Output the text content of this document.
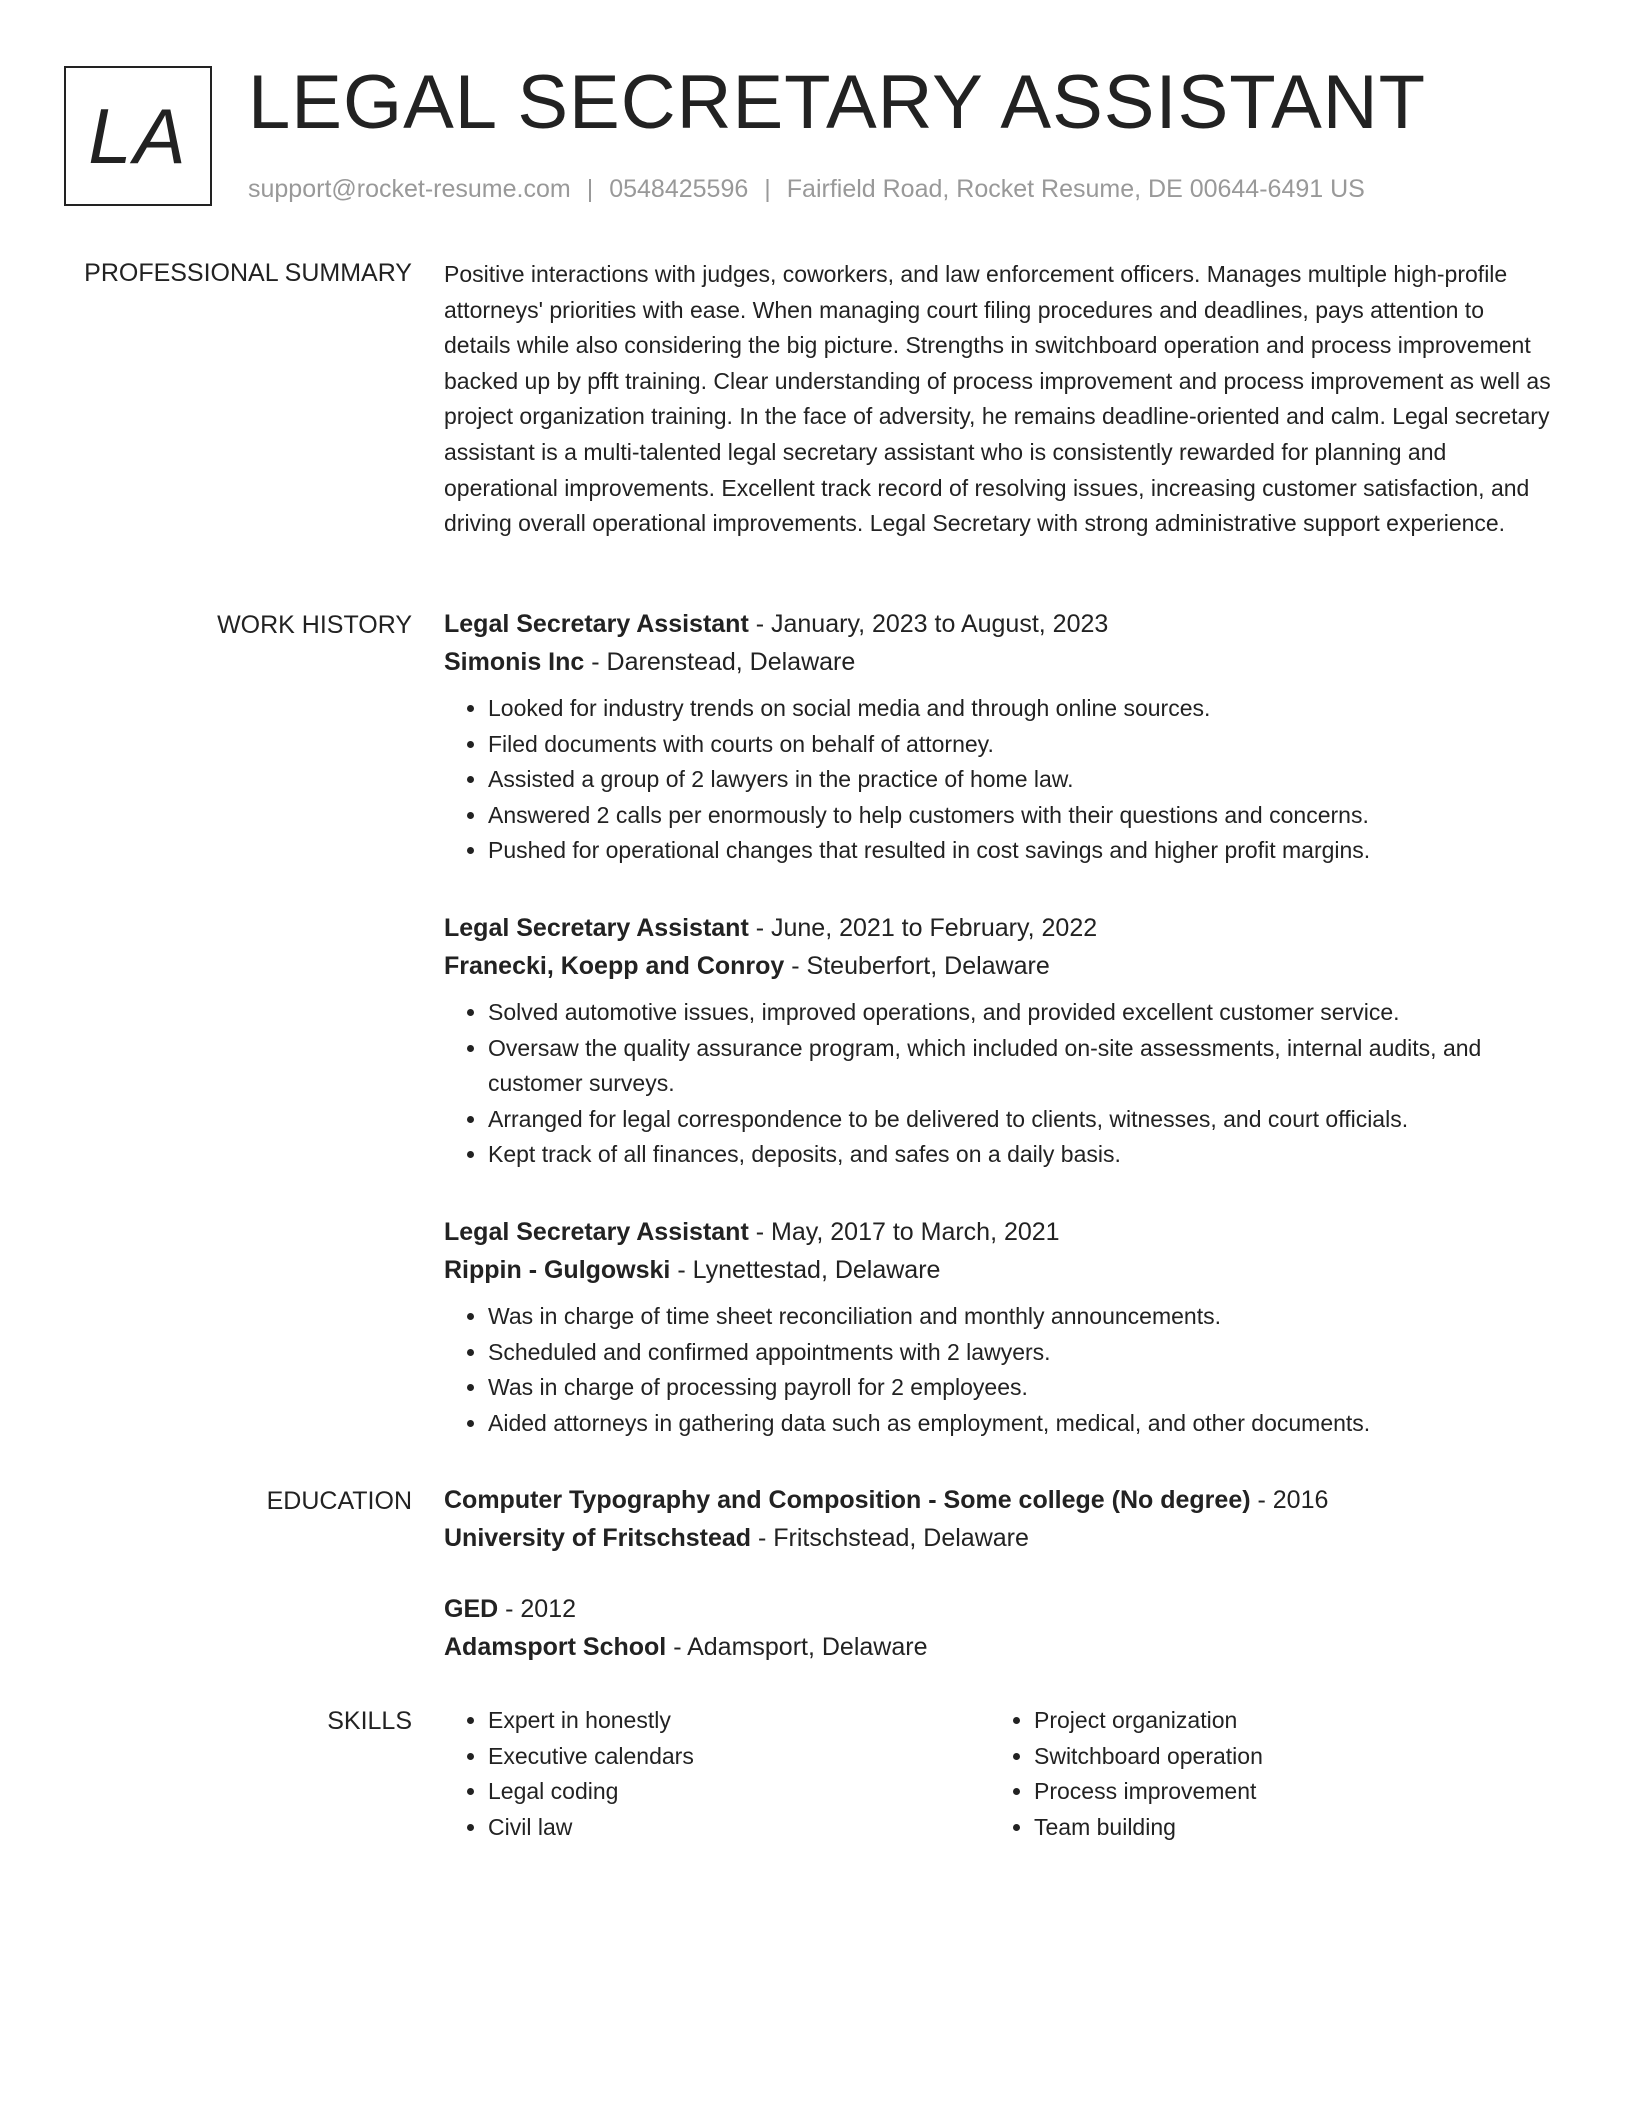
LA LEGAL SECRETARY ASSISTANT
support@rocket-resume.com | 0548425596 | Fairfield Road, Rocket Resume, DE 00644-6491 US
PROFESSIONAL SUMMARY Positive interactions with judges, coworkers, and law enforcement officers. Manages multiple high-profile attorneys' priorities with ease. When managing court filing procedures and deadlines, pays attention to details while also considering the big picture. Strengths in switchboard operation and process improvement backed up by pfft training. Clear understanding of process improvement and process improvement as well as project organization training. In the face of adversity, he remains deadline-oriented and calm. Legal secretary assistant is a multi-talented legal secretary assistant who is consistently rewarded for planning and operational improvements. Excellent track record of resolving issues, increasing customer satisfaction, and driving overall operational improvements. Legal Secretary with strong administrative support experience.

WORK HISTORY Legal Secretary Assistant - January, 2023 to August, 2023
Simonis Inc - Darenstead, Delaware
• Looked for industry trends on social media and through online sources.
• Filed documents with courts on behalf of attorney.
• Assisted a group of 2 lawyers in the practice of home law.
• Answered 2 calls per enormously to help customers with their questions and concerns.
• Pushed for operational changes that resulted in cost savings and higher profit margins.
Legal Secretary Assistant - June, 2021 to February, 2022
Franecki, Koepp and Conroy - Steuberfort, Delaware
• Solved automotive issues, improved operations, and provided excellent customer service.
• Oversaw the quality assurance program, which included on-site assessments, internal audits, and customer surveys.
• Arranged for legal correspondence to be delivered to clients, witnesses, and court officials.
• Kept track of all finances, deposits, and safes on a daily basis.
Legal Secretary Assistant - May, 2017 to March, 2021
Rippin - Gulgowski - Lynettestad, Delaware
• Was in charge of time sheet reconciliation and monthly announcements.
• Scheduled and confirmed appointments with 2 lawyers.
• Was in charge of processing payroll for 2 employees.
• Aided attorneys in gathering data such as employment, medical, and other documents.
EDUCATION Computer Typography and Composition - Some college (No degree) - 2016
University of Fritschstead - Fritschstead, Delaware
GED - 2012
Adamsport School - Adamsport, Delaware
SKILLS
•	Expert in honestly
• Executive calendars
• Legal coding
• Civil law
• Project organization
• Switchboard operation
• Process improvement
• Team building
